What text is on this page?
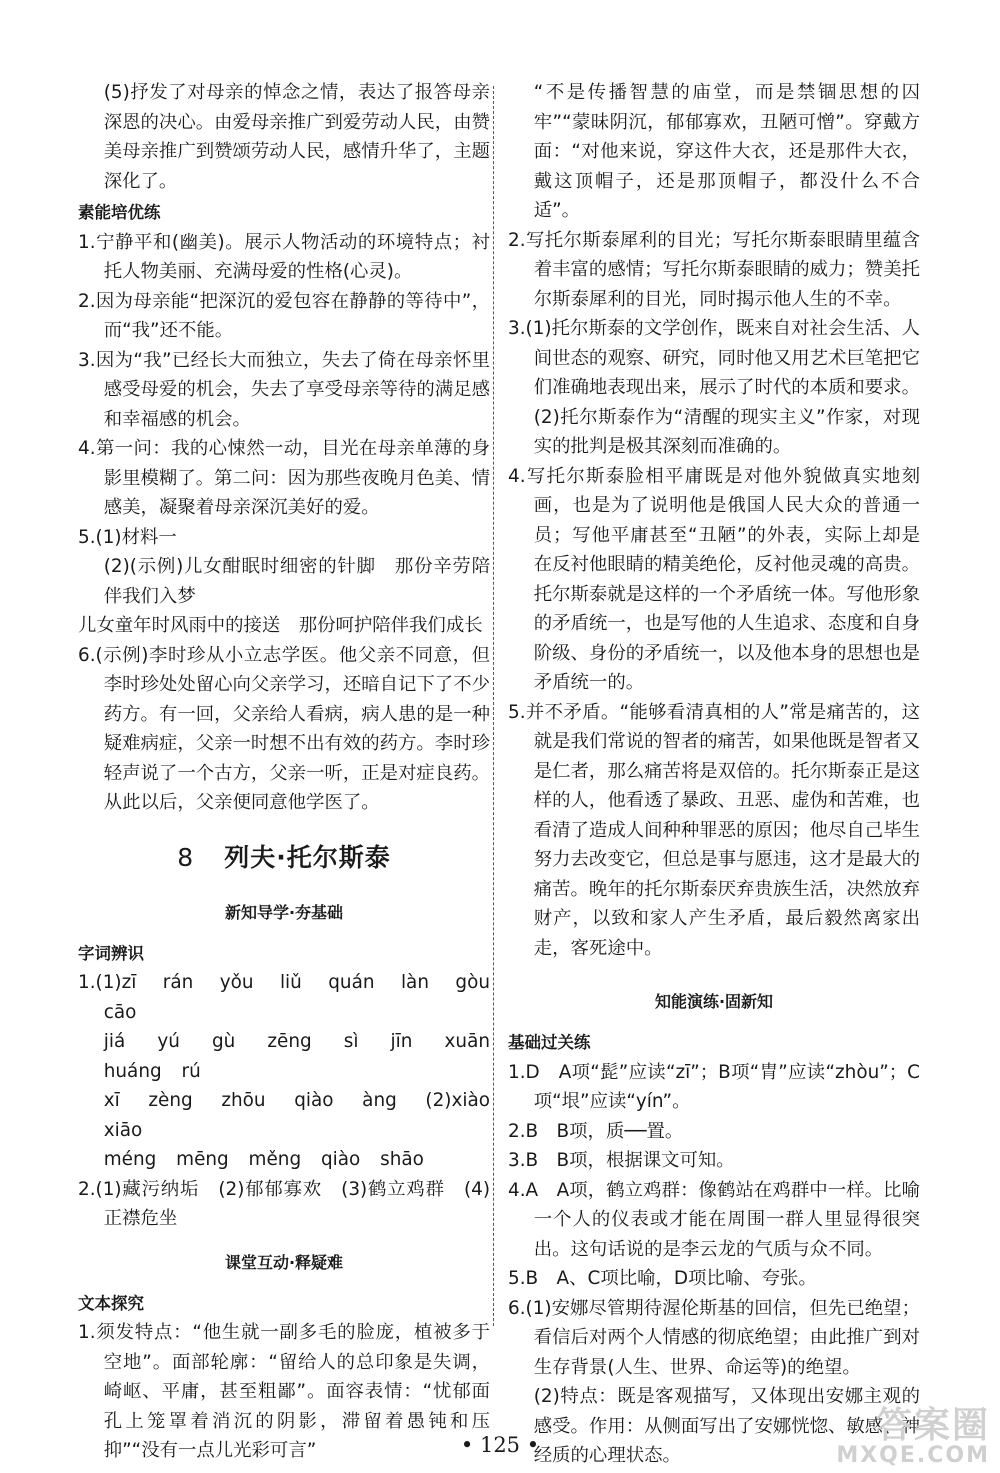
(5)抒发了对母亲的悼念之情，表达了报答母亲深恩的决心。由爱母亲推广到爱劳动人民，由赞美母亲推广到赞颂劳动人民，感情升华了，主题深化了。

素能培优练

1.宁静平和(幽美)。展示人物活动的环境特点；衬托人物美丽、充满母爱的性格(心灵)。

2.因为母亲能“把深沉的爱包容在静静的等待中”，而“我”还不能。

3.因为“我”已经长大而独立，失去了倚在母亲怀里感受母爱的机会，失去了享受母亲等待的满足感和幸福感的机会。

4.第一问：我的心悚然一动，目光在母亲单薄的身影里模糊了。第二问：因为那些夜晚月色美、情感美，凝聚着母亲深沉美好的爱。

5.(1)材料一

(2)(示例)儿女酣眠时细密的针脚　那份辛劳陪伴我们入梦

儿女童年时风雨中的接送　那份呵护陪伴我们成长

6.(示例)李时珍从小立志学医。他父亲不同意，但李时珍处处留心向父亲学习，还暗自记下了不少药方。有一回，父亲给人看病，病人患的是一种疑难病症，父亲一时想不出有效的药方。李时珍轻声说了一个古方，父亲一听，正是对症良药。从此以后，父亲便同意他学医了。

8 列夫·托尔斯泰

新知导学·夯基础

字词辨识

1.(1)zī rán yǒu liǔ quán làn gòu cāo

jiá yú gù zēng sì jīn xuān huáng rú

xī zèng zhōu qiào àng (2)xiào xiāo

méng mēng měng qiào shāo

2.(1)藏污纳垢　(2)郁郁寡欢　(3)鹤立鸡群　(4)正襟危坐

课堂互动·释疑难

文本探究

1.须发特点：“他生就一副多毛的脸庞，植被多于空地”。面部轮廓：“留给人的总印象是失调，崎岖、平庸，甚至粗鄙”。面容表情：“忧郁面孔上笼罩着消沉的阴影，滞留着愚钝和压抑”“没有一点儿光彩可言”

“不是传播智慧的庙堂，而是禁锢思想的囚牢”“蒙昧阴沉，郁郁寡欢，丑陋可憎”。穿戴方面：“对他来说，穿这件大衣，还是那件大衣，戴这顶帽子，还是那顶帽子，都没什么不合适”。

2.写托尔斯泰犀利的目光；写托尔斯泰眼睛里蕴含着丰富的感情；写托尔斯泰眼睛的威力；赞美托尔斯泰犀利的目光，同时揭示他人生的不幸。

3.(1)托尔斯泰的文学创作，既来自对社会生活、人间世态的观察、研究，同时他又用艺术巨笔把它们准确地表现出来，展示了时代的本质和要求。

(2)托尔斯泰作为“清醒的现实主义”作家，对现实的批判是极其深刻而准确的。

4.写托尔斯泰脸相平庸既是对他外貌做真实地刻画，也是为了说明他是俄国人民大众的普通一员；写他平庸甚至“丑陋”的外表，实际上却是在反衬他眼睛的精美绝伦，反衬他灵魂的高贵。托尔斯泰就是这样的一个矛盾统一体。写他形象的矛盾统一，也是写他的人生追求、态度和自身阶级、身份的矛盾统一，以及他本身的思想也是矛盾统一的。

5.并不矛盾。“能够看清真相的人”常是痛苦的，这就是我们常说的智者的痛苦，如果他既是智者又是仁者，那么痛苦将是双倍的。托尔斯泰正是这样的人，他看透了暴政、丑恶、虚伪和苦难，也看清了造成人间种种罪恶的原因；他尽自己毕生努力去改变它，但总是事与愿违，这才是最大的痛苦。晚年的托尔斯泰厌弃贵族生活，决然放弃财产，以致和家人产生矛盾，最后毅然离家出走，客死途中。

知能演练·固新知

基础过关练

1.D　A项“髭”应读“zī”；B项“胄”应读“zhòu”；C项“垠”应读“yín”。

2.B　B项，质──置。

3.B　B项，根据课文可知。

4.A　A项，鹤立鸡群：像鹤站在鸡群中一样。比喻一个人的仪表或才能在周围一群人里显得很突出。这句话说的是李云龙的气质与众不同。

5.B　A、C项比喻，D项比喻、夸张。

6.(1)安娜尽管期待渥伦斯基的回信，但先已绝望；看信后对两个人情感的彻底绝望；由此推广到对生存背景(人生、世界、命运等)的绝望。

(2)特点：既是客观描写，又体现出安娜主观的感受。作用：从侧面写出了安娜恍惚、敏感、神经质的心理状态。

• 125 •	答案圈
MXQE.COM
